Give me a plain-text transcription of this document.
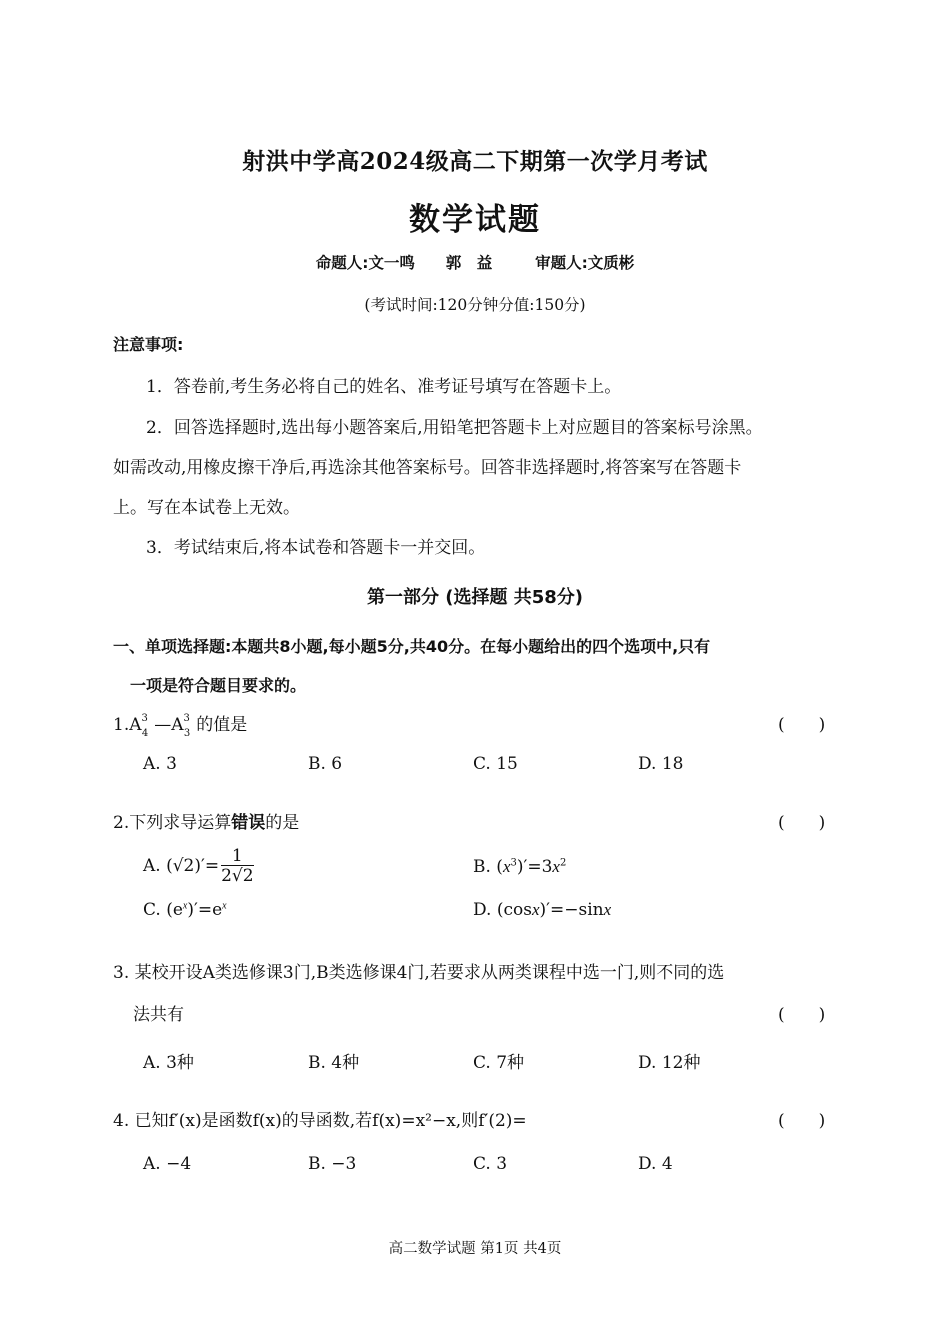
射洪中学高2024级高二下期第一次学月考试
数学试题
命题人:文一鸣 郭　益	审题人:文质彬
(考试时间:120分钟分值:150分)
注意事项:
1．答卷前,考生务必将自己的姓名、准考证号填写在答题卡上。
2．回答选择题时,选出每小题答案后,用铅笔把答题卡上对应题目的答案标号涂黑。
如需改动,用橡皮擦干净后,再选涂其他答案标号。回答非选择题时,将答案写在答题卡
上。写在本试卷上无效。
3．考试结束后,将本试卷和答题卡一并交回。
第一部分 (选择题 共58分)
一、单项选择题:本题共8小题,每小题5分,共40分。在每小题给出的四个选项中,只有
一项是符合题目要求的。
$1.A^3_4$ $—A^3_3$ 的值是	(　　)
A. 3	B. 6	C. 15	D. 18
2.下列求导运算错误的是	(　　)
A. $(√2)'= \frac{1}{2√2}$	B. $(x^3)'=3x^2$
C. $(e^x)'=e^x$	D. (cosx)′=−sinx
3. 某校开设A类选修课3门,B类选修课4门,若要求从两类课程中选一门,则不同的选
法共有	(　　)
A. 3种	B. 4种	C. 7种	D. 12种
4. 已知f′(x)是函数f(x)的导函数,若f(x)=x²−x,则f′(2)=	(　　)
A. −4	B. −3	C. 3	D. 4
高二数学试题 第1页 共4页
